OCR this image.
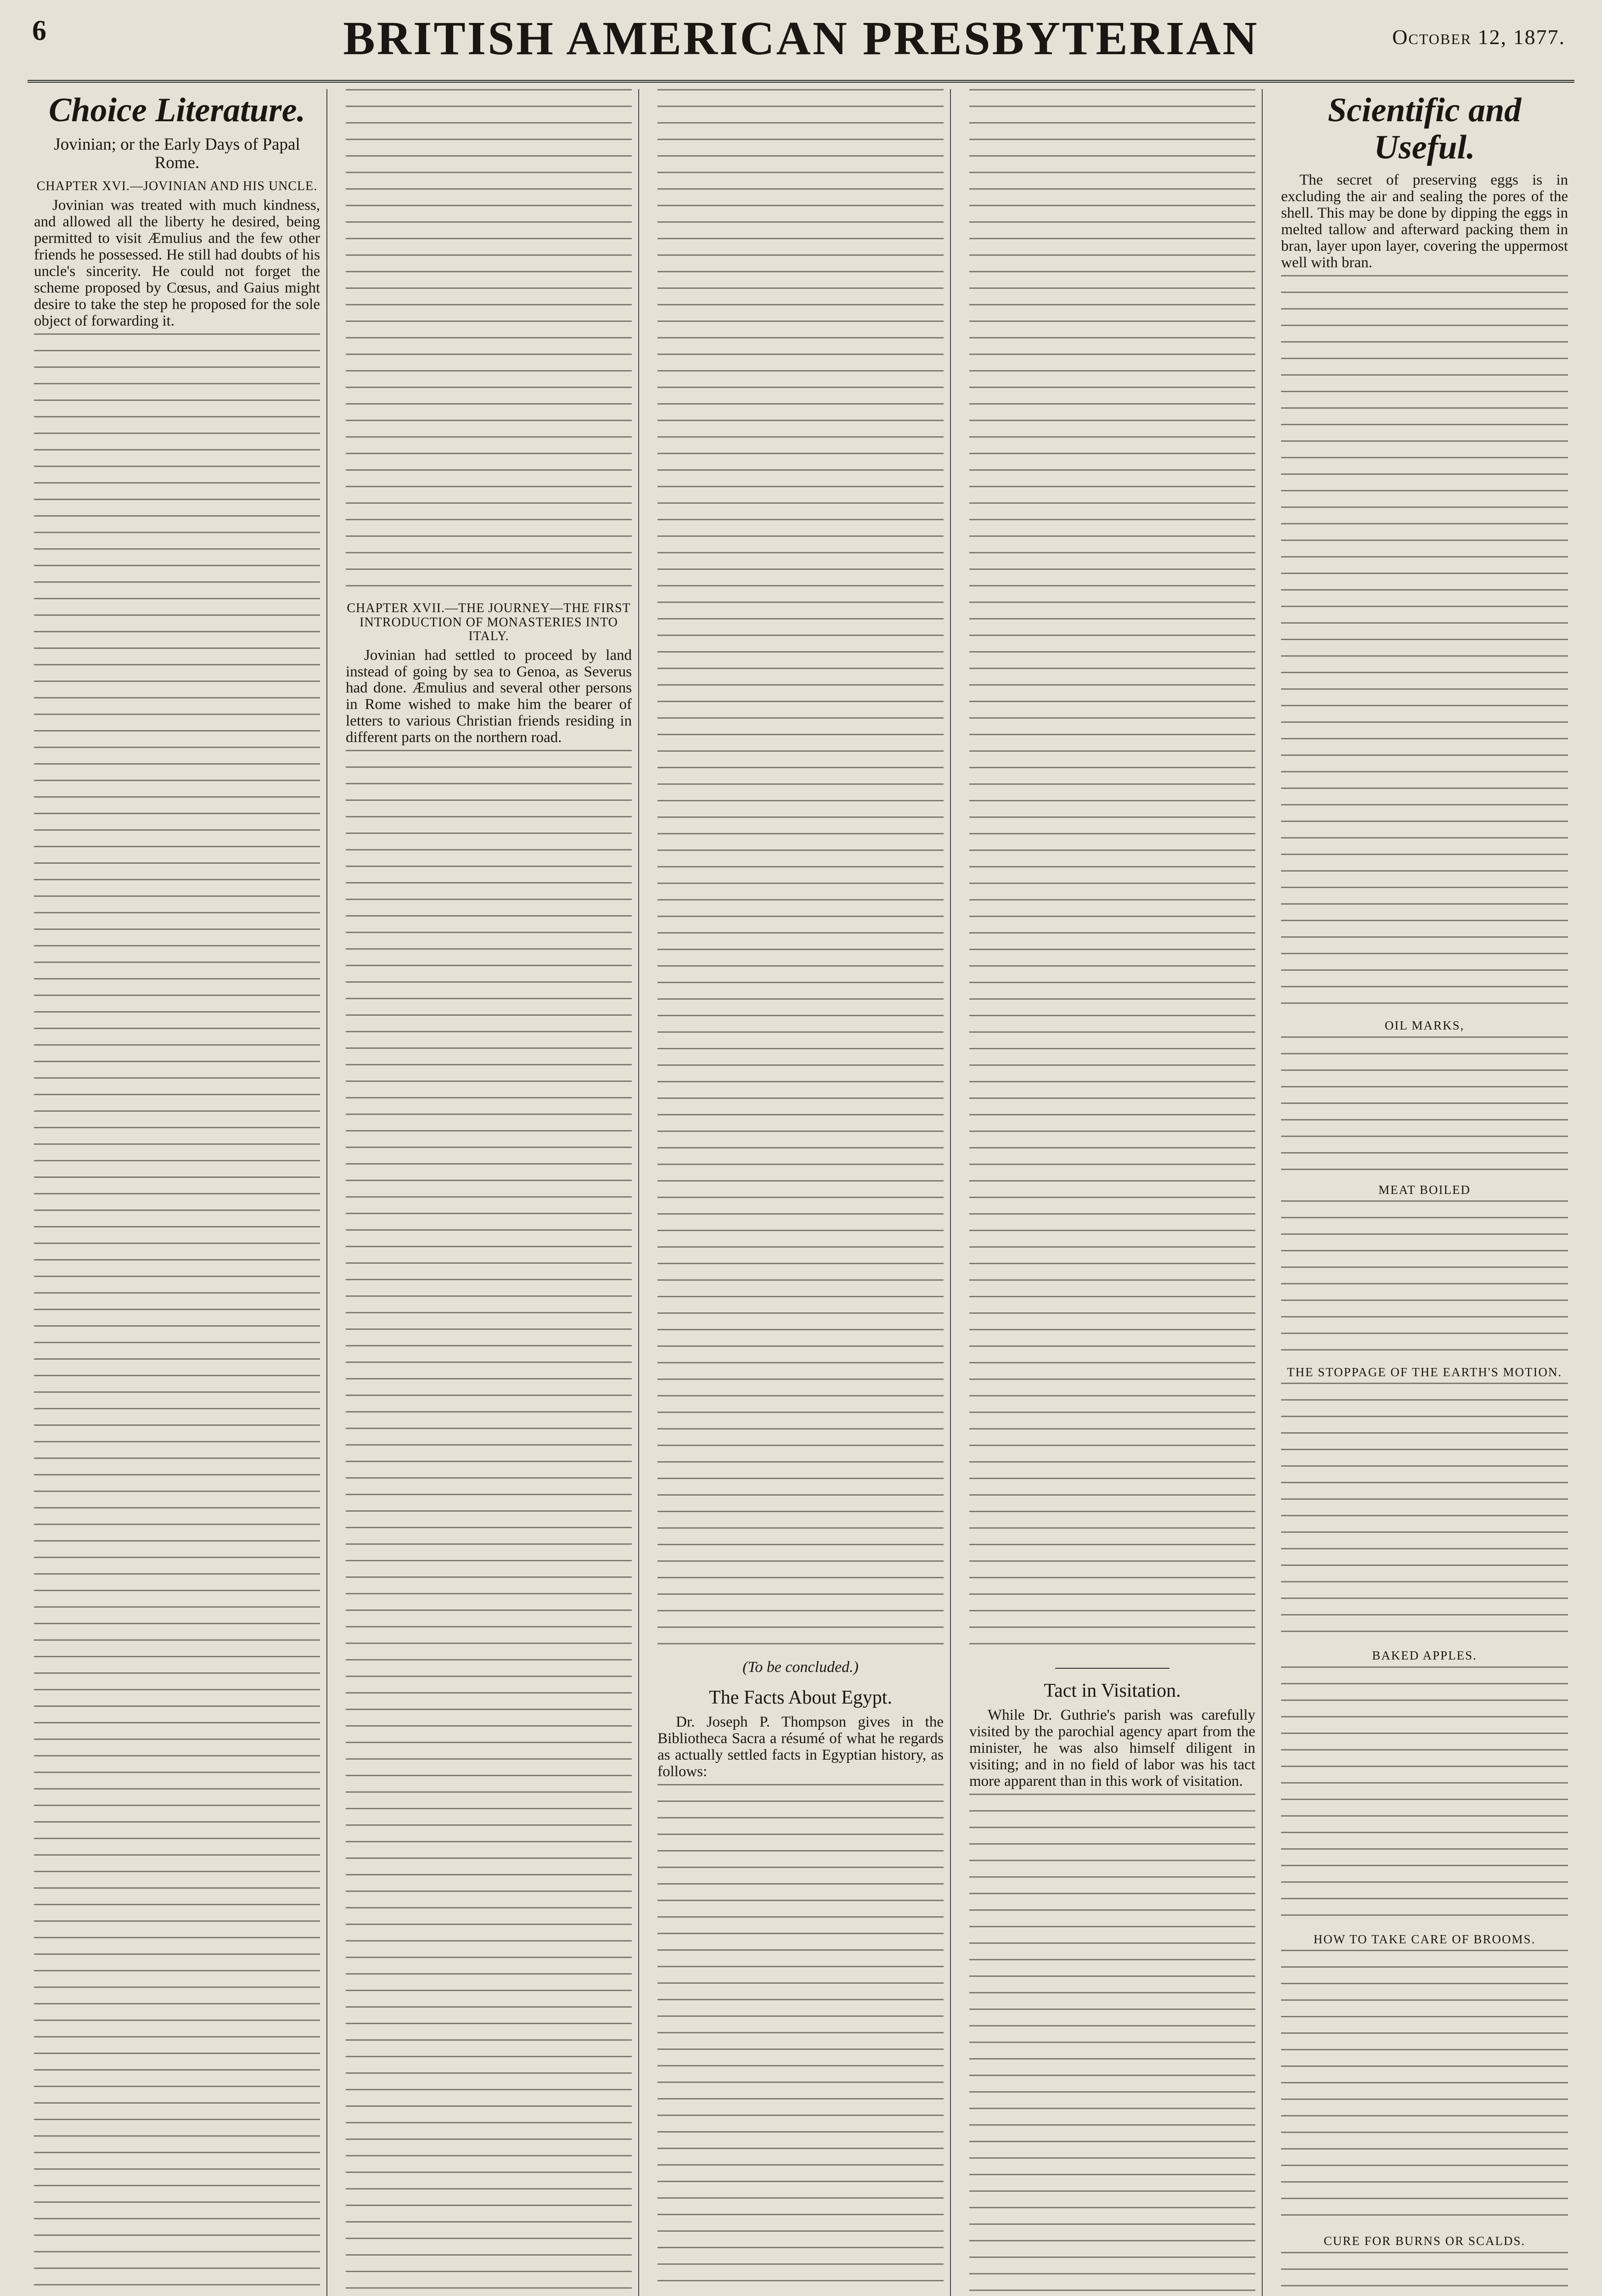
6	BRITISH AMERICAN PRESBYTERIAN	October 12, 1877.
Choice Literature.
Jovinian; or the Early Days of Papal Rome.
CHAPTER XVI.—JOVINIAN AND HIS UNCLE.

Jovinian was treated with much kindness, and allowed all the liberty he desired, being permitted to visit Æmulius and the few other friends he possessed. He still had doubts of his uncle's sincerity. He could not forget the scheme proposed by Cœsus, and Gaius might desire to take the step he proposed for the sole object of forwarding it.

CHAPTER XVII.—THE JOURNEY—THE FIRST INTRODUCTION OF MONASTERIES INTO ITALY.

Jovinian had settled to proceed by land instead of going by sea to Genoa, as Severus had done. Æmulius and several other persons in Rome wished to make him the bearer of letters to various Christian friends residing in different parts on the northern road.

(To be concluded.)
The Facts About Egypt.

Dr. Joseph P. Thompson gives in the Bibliotheca Sacra a résumé of what he regards as actually settled facts in Egyptian history, as follows:

Tact in Visitation.

While Dr. Guthrie's parish was carefully visited by the parochial agency apart from the minister, he was also himself diligent in visiting; and in no field of labor was his tact more apparent than in this work of visitation.

Scientific and Useful.

The secret of preserving eggs is in excluding the air and sealing the pores of the shell. This may be done by dipping the eggs in melted tallow and afterward packing them in bran, layer upon layer, covering the uppermost well with bran.

OIL MARKS,
MEAT BOILED
THE STOPPAGE OF THE EARTH'S MOTION.
BAKED APPLES.
HOW TO TAKE CARE OF BROOMS.
CURE FOR BURNS OR SCALDS.
